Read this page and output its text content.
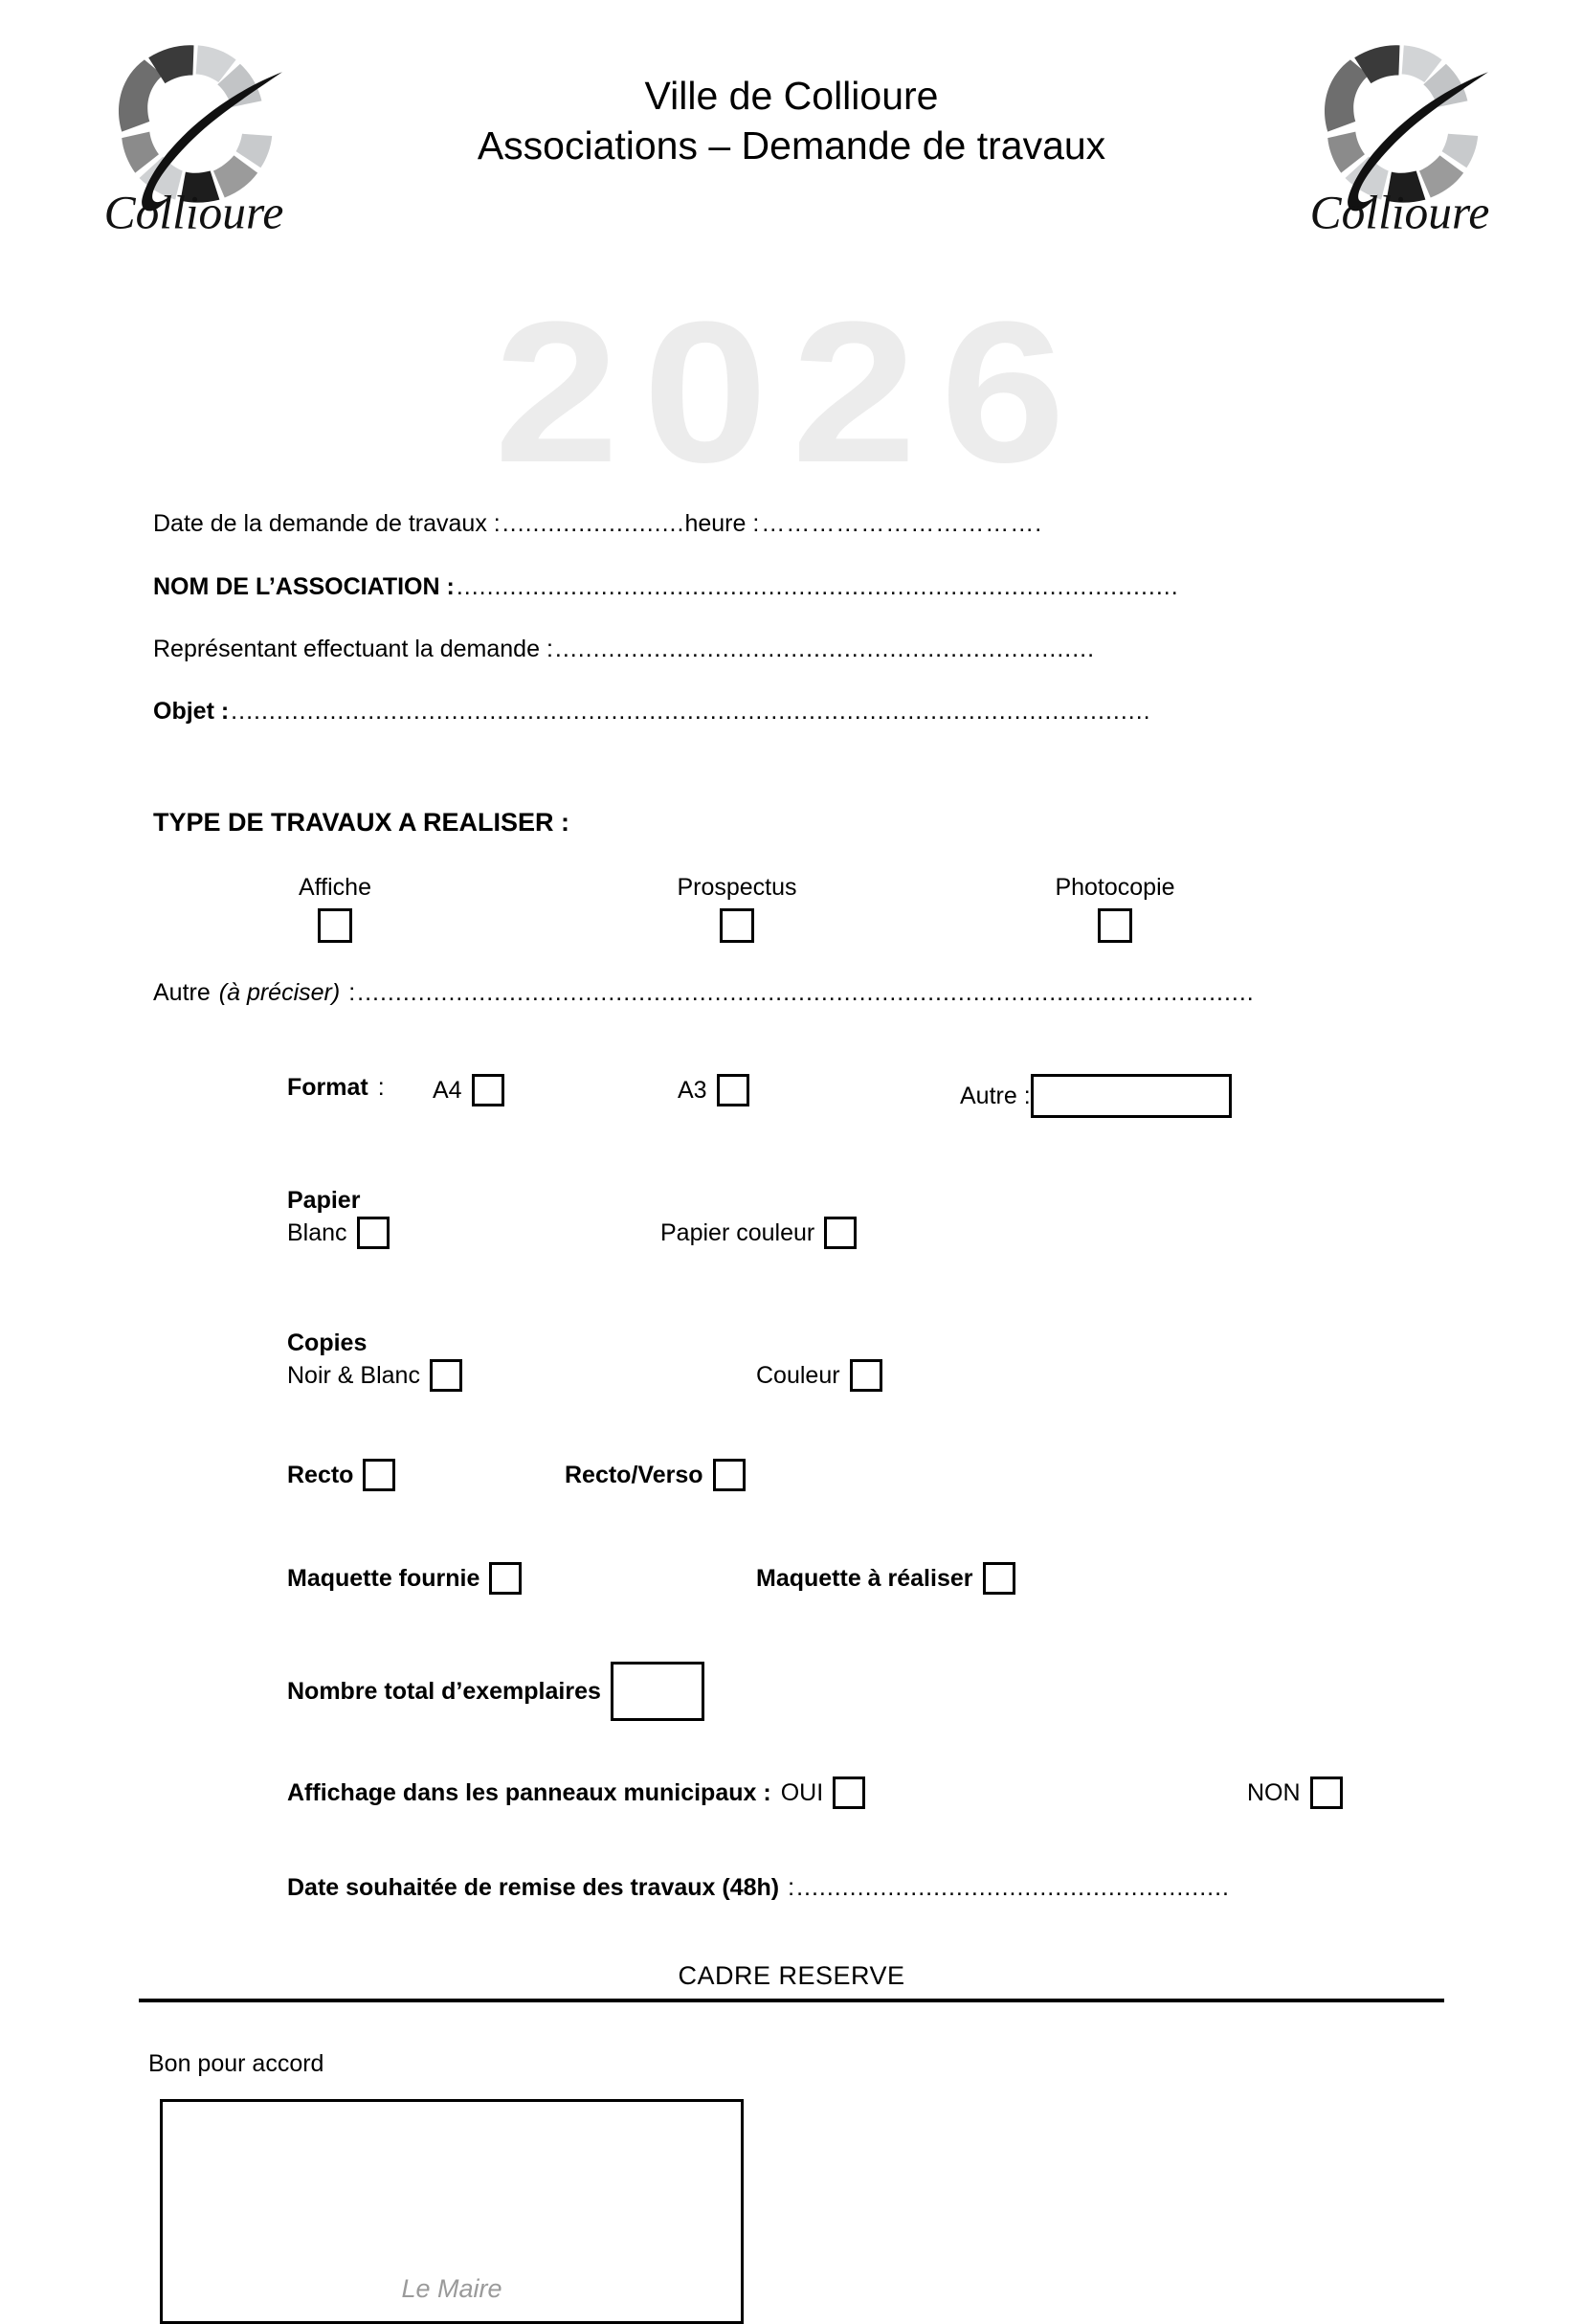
2026
Collioure
Ville de Collioure
Associations – Demande de travaux
Collioure
Date de la demande de travaux : ........................ heure : …………………………….
NOM DE L’ASSOCIATION : ...............................................................................................
Représentant effectuant la demande : .......................................................................
Objet : .........................................................................................................................
TYPE DE TRAVAUX A REALISER :
Affiche	Prospectus	Photocopie
Autre (à préciser) : ......................................................................................................................
Format : A4	A3	Autre :
Papier
Blanc	Papier couleur
Copies
Noir & Blanc	Couleur
Recto	Recto/Verso
Maquette fournie	Maquette à réaliser
Nombre total d’exemplaires
Affichage dans les panneaux municipaux : OUI	NON
Date souhaitée de remise des travaux (48h) : .........................................................
CADRE RESERVE
Bon pour accord
Le Maire
